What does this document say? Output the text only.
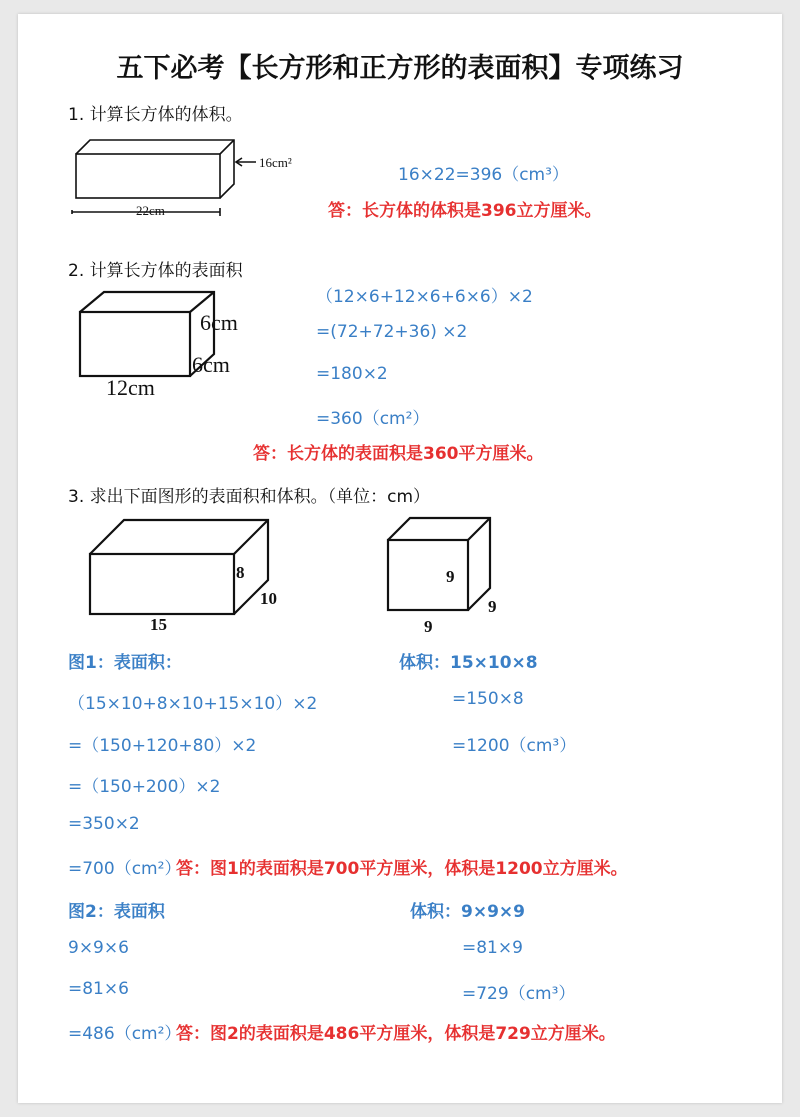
五下必考【长方形和正方形的表面积】专项练习
1. 计算长方体的体积。
16cm²
22cm
16×22=396（cm³）
答：长方体的体积是396立方厘米。
2. 计算长方体的表面积
6cm
6cm
12cm
（12×6+12×6+6×6）×2
=(72+72+36) ×2
=180×2
=360（cm²）
答：长方体的表面积是360平方厘米。
3. 求出下面图形的表面积和体积。（单位：cm）
8
10
15
9
9
9
图1：表面积：
（15×10+8×10+15×10）×2
=（150+120+80）×2
=（150+200）×2
=350×2
=700（cm²）
体积：15×10×8
=150×8
=1200（cm³）
答：图1的表面积是700平方厘米，体积是1200立方厘米。
图2：表面积
9×9×6
=81×6
=486（cm²）
体积：9×9×9
=81×9
=729（cm³）
答：图2的表面积是486平方厘米，体积是729立方厘米。
